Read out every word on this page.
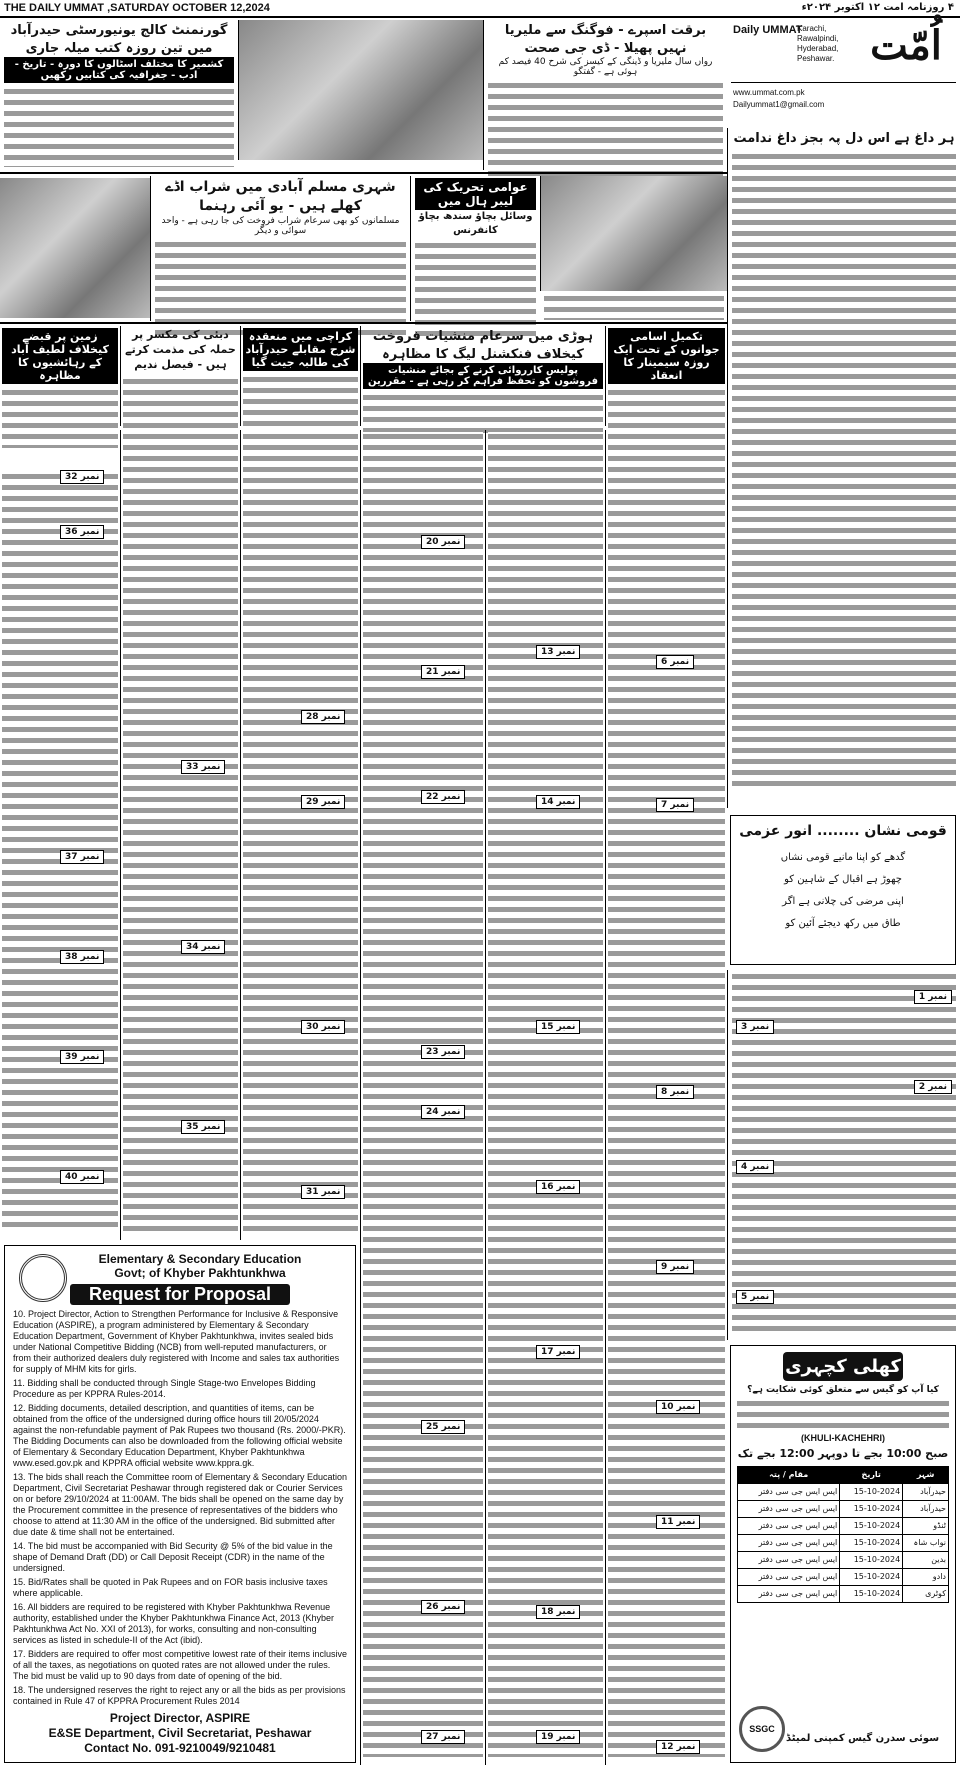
THE DAILY UMMAT ,SATURDAY OCTOBER 12,2024	۴ روزنامہ امت ۱۲ اکتوبر ۲۰۲۴ء
اُمّت
Daily UMMAT
Karachi,
Rawalpindi,
Hyderabad,
Peshawar.
www.ummat.com.pk
Dailyummat1@gmail.com
ہر داغ ہے اس دل پہ بجز داغ ندامت
قومی نشان ........ انور عزمی
گدھے کو اپنا مانیے قومی نشاں
چھوڑ ہے اقبال کے شاہین کو
اپنی مرضی کی چلانی ہے اگر
طاق میں رکھ دیجئے آئین کو
نمبر 1
نمبر 3
نمبر 2
نمبر 4
نمبر 5
کھلی کچہری
کیا آپ کو گیس سے متعلق کوئی شکایت ہے؟
(KHULI-KACHEHRI)
صبح 10:00 بجے تا دوپہر 12:00 بجے تک
شہر	تاریخ	مقام / پتہ
حیدرآباد	15-10-2024	ایس ایس جی سی دفتر
حیدرآباد	15-10-2024	ایس ایس جی سی دفتر
ٹنڈو	15-10-2024	ایس ایس جی سی دفتر
نواب شاہ	15-10-2024	ایس ایس جی سی دفتر
بدین	15-10-2024	ایس ایس جی سی دفتر
دادو	15-10-2024	ایس ایس جی سی دفتر
کوٹری	15-10-2024	ایس ایس جی سی دفتر
SSGC
سوئی سدرن گیس کمپنی لمیٹڈ
برقت اسپرے - فوگنگ سے ملیریا نہیں پھیلا - ڈی جی صحت
رواں سال ملیریا و ڈینگی کے کیسز کی شرح 40 فیصد کم ہوئی ہے - گفتگو
گورنمنٹ کالج یونیورسٹی حیدرآباد میں تین روزہ کتب میلہ جاری
کشمیر کا مختلف اسٹالوں کا دورہ - تاریخ - ادب - جغرافیہ کی کتابیں رکھیں
شہری مسلم آبادی میں شراب اڈے کھلے ہیں - یو آئی رہنما
مسلمانوں کو بھی سرعام شراب فروخت کی جا رہی ہے - واحد سوائی و دیگر
عوامی تحریک کی لیبر ہال میں
وسائل بچاؤ سندھ بچاؤ کانفرنس
زمین پر قبضے کیخلاف لطیف آباد کے رہائشیوں کا مظاہرہ
دبئی کی مکسر پر حملہ کی مذمت کرتے ہیں - فیصل ندیم
کراچی میں منعقدہ شرح مقابلے حیدرآباد کی طالبہ جیت گیا
ہوڑی میں سرعام منشیات فروخت کیخلاف فنکشنل لیگ کا مظاہرہ
پولیس کارروائی کرنے کے بجائے منشیات فروشوں کو تحفظ فراہم کر رہی ہے - مقررین
تکمیل اسامی جوانوں کے تحت ایک روزہ سیمینار کا انعقاد
نمبر 32
نمبر 36
نمبر 37
نمبر 38
نمبر 39
نمبر 40
نمبر 33
نمبر 34
نمبر 35
نمبر 28
نمبر 29
نمبر 30
نمبر 31
نمبر 20
نمبر 21
نمبر 22
نمبر 23
نمبر 24
نمبر 25
نمبر 26
نمبر 27
نمبر 13
نمبر 14
نمبر 15
نمبر 16
نمبر 17
نمبر 18
نمبر 19
نمبر 6
نمبر 7
نمبر 8
نمبر 9
نمبر 10
نمبر 11
نمبر 12
Elementary & Secondary Education
Govt; of Khyber Pakhtunkhwa
Request for Proposal

10. Project Director, Action to Strengthen Performance for Inclusive & Responsive Education (ASPIRE), a program administered by Elementary & Secondary Education Department, Government of Khyber Pakhtunkhwa, invites sealed bids under National Competitive Bidding (NCB) from well-reputed manufacturers, or from their authorized dealers duly registered with Income and sales tax authorities for supply of MHM kits for girls.

11. Bidding shall be conducted through Single Stage-two Envelopes Bidding Procedure as per KPPRA Rules-2014.

12. Bidding documents, detailed description, and quantities of items, can be obtained from the office of the undersigned during office hours till 20/05/2024 against the non-refundable payment of Pak Rupees two thousand (Rs. 2000/-PKR). The Bidding Documents can also be downloaded from the following official website of Elementary & Secondary Education Department, Khyber Pakhtunkhwa www.esed.gov.pk and KPPRA official website www.kppra.gk.

13. The bids shall reach the Committee room of Elementary & Secondary Education Department, Civil Secretariat Peshawar through registered dak or Courier Services on or before 29/10/2024 at 11:00AM. The bids shall be opened on the same day by the Procurement committee in the presence of representatives of the bidders who choose to attend at 11:30 AM in the office of the undersigned. Bid submitted after due date & time shall not be entertained.

14. The bid must be accompanied with Bid Security @ 5% of the bid value in the shape of Demand Draft (DD) or Call Deposit Receipt (CDR) in the name of the undersigned.

15. Bid/Rates shall be quoted in Pak Rupees and on FOR basis inclusive taxes where applicable.

16. All bidders are required to be registered with Khyber Pakhtunkhwa Revenue authority, established under the Khyber Pakhtunkhwa Finance Act, 2013 (Khyber Pakhtunkhwa Act No. XXI of 2013), for works, consulting and non-consulting services as listed in schedule-II of the Act (ibid).

17. Bidders are required to offer most competitive lowest rate of their items inclusive of all the taxes, as negotiations on quoted rates are not allowed under the rules. The bid must be valid up to 90 days from date of opening of the bid.

18. The undersigned reserves the right to reject any or all the bids as per provisions contained in Rule 47 of KPPRA Procurement Rules 2014

Project Director, ASPIRE
E&SE Department, Civil Secretariat, Peshawar
Contact No. 091-9210049/9210481
